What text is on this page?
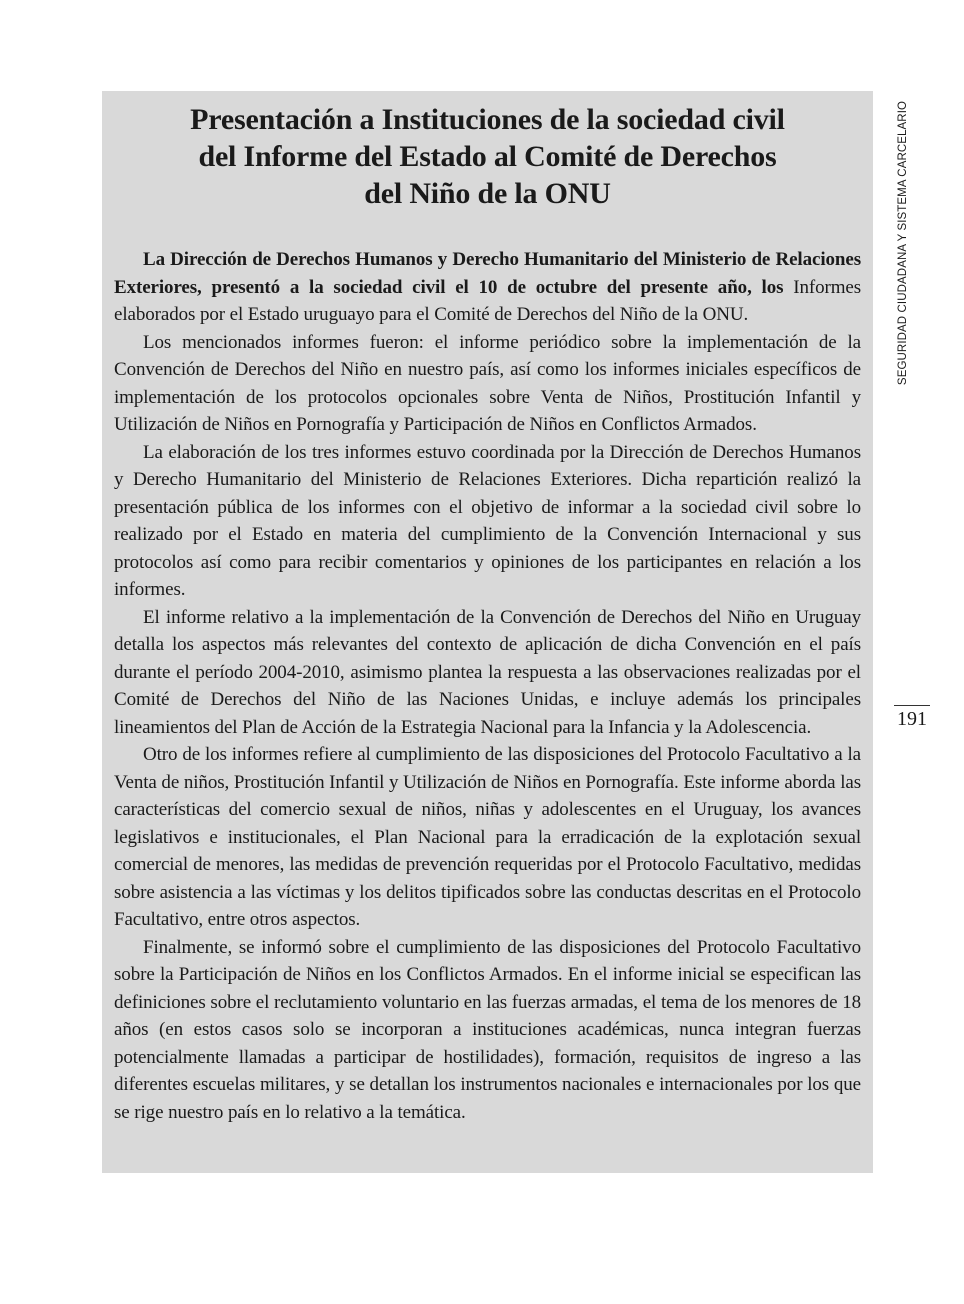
Presentación a Instituciones de la sociedad civil
del Informe del Estado al Comité de Derechos
del Niño de la ONU

La Dirección de Derechos Humanos y Derecho Humanitario del Ministerio de Relaciones Exteriores, presentó a la sociedad civil el 10 de octubre del presente año, los Informes elaborados por el Estado uruguayo para el Comité de Derechos del Niño de la ONU.

Los mencionados informes fueron: el informe periódico sobre la implementación de la Convención de Derechos del Niño en nuestro país, así como los informes iniciales específicos de implementación de los protocolos opcionales sobre Venta de Niños, Prostitución Infantil y Utilización de Niños en Pornografía y Participación de Niños en Conflictos Armados.

La elaboración de los tres informes estuvo coordinada por la Dirección de Derechos Humanos y Derecho Humanitario del Ministerio de Relaciones Exteriores. Dicha repartición realizó la presentación pública de los informes con el objetivo de informar a la sociedad civil sobre lo realizado por el Estado en materia del cumplimiento de la Convención Internacional y sus protocolos así como para recibir comentarios y opiniones de los participantes en relación a los informes.

El informe relativo a la implementación de la Convención de Derechos del Niño en Uruguay detalla los aspectos más relevantes del contexto de aplicación de dicha Convención en el país durante el período 2004-2010, asimismo plantea la respuesta a las observaciones realizadas por el Comité de Derechos del Niño de las Naciones Unidas, e incluye además los principales lineamientos del Plan de Acción de la Estrategia Nacional para la Infancia y la Adolescencia.

Otro de los informes refiere al cumplimiento de las disposiciones del Protocolo Facultativo a la Venta de niños, Prostitución Infantil y Utilización de Niños en Pornografía. Este informe aborda las características del comercio sexual de niños, niñas y adolescentes en el Uruguay, los avances legislativos e institucionales, el Plan Nacional para la erradicación de la explotación sexual comercial de menores, las medidas de prevención requeridas por el Protocolo Facultativo, medidas sobre asistencia a las víctimas y los delitos tipificados sobre las conductas descritas en el Protocolo Facultativo, entre otros aspectos.

Finalmente, se informó sobre el cumplimiento de las disposiciones del Protocolo Facultativo sobre la Participación de Niños en los Conflictos Armados. En el informe inicial se especifican las definiciones sobre el reclutamiento voluntario en las fuerzas armadas, el tema de los menores de 18 años (en estos casos solo se incorporan a instituciones académicas, nunca integran fuerzas potencialmente llamadas a participar de hostilidades), formación, requisitos de ingreso a las diferentes escuelas militares, y se detallan los instrumentos nacionales e internacionales por los que se rige nuestro país en lo relativo a la temática.

SEGURIDAD CIUDADANA Y SISTEMA CARCELARIO
191
